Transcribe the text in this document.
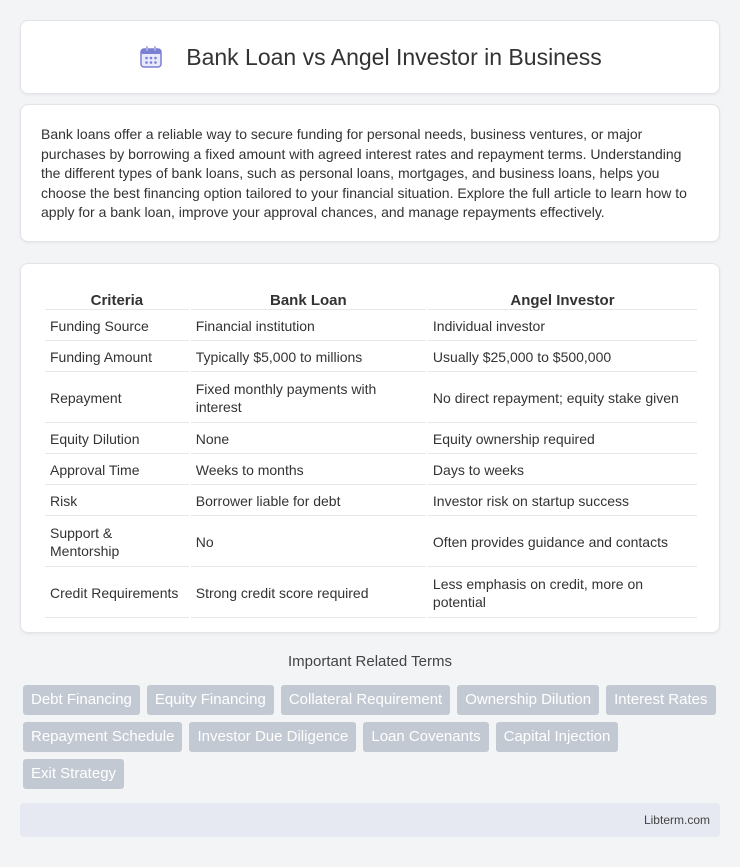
Bank Loan vs Angel Investor in Business

Bank loans offer a reliable way to secure funding for personal needs, business ventures, or major purchases by borrowing a fixed amount with agreed interest rates and repayment terms. Understanding the different types of bank loans, such as personal loans, mortgages, and business loans, helps you choose the best financing option tailored to your financial situation. Explore the full article to learn how to apply for a bank loan, improve your approval chances, and manage repayments effectively.

Criteria	Bank Loan	Angel Investor
Funding Source	Financial institution	Individual investor
Funding Amount	Typically $5,000 to millions	Usually $25,000 to $500,000
Repayment	Fixed monthly payments with interest	No direct repayment; equity stake given
Equity Dilution	None	Equity ownership required
Approval Time	Weeks to months	Days to weeks
Risk	Borrower liable for debt	Investor risk on startup success
Support & Mentorship	No	Often provides guidance and contacts
Credit Requirements	Strong credit score required	Less emphasis on credit, more on potential
Important Related Terms
Debt Financing	Equity Financing	Collateral Requirement	Ownership Dilution	Interest Rates
Repayment Schedule	Investor Due Diligence	Loan Covenants	Capital Injection
Exit Strategy
Libterm.com
